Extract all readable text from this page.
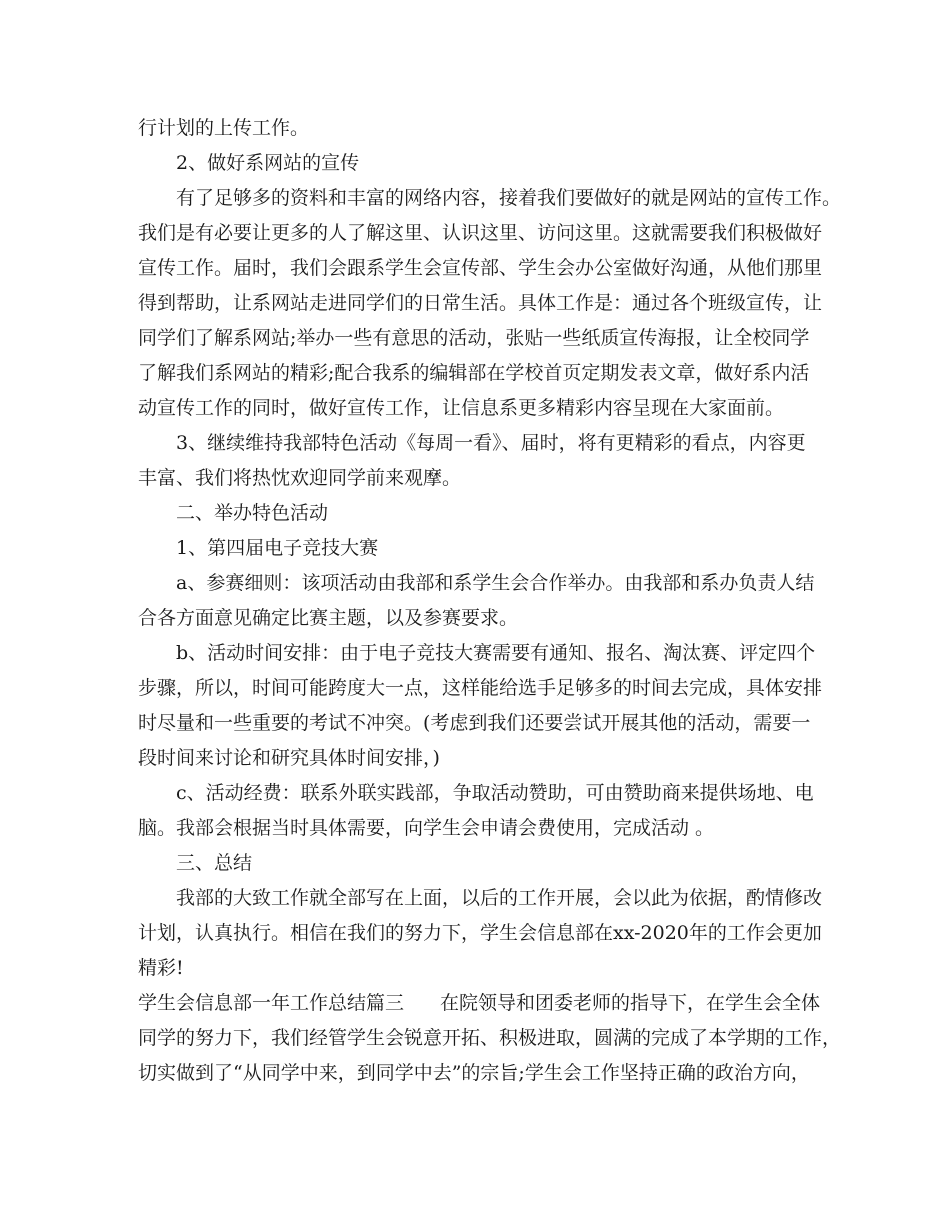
行计划的上传工作。
2、做好系网站的宣传
有了足够多的资料和丰富的网络内容，接着我们要做好的就是网站的宣传工作。
我们是有必要让更多的人了解这里、认识这里、访问这里。这就需要我们积极做好
宣传工作。届时，我们会跟系学生会宣传部、学生会办公室做好沟通，从他们那里
得到帮助，让系网站走进同学们的日常生活。具体工作是：通过各个班级宣传，让
同学们了解系网站;举办一些有意思的活动，张贴一些纸质宣传海报，让全校同学
了解我们系网站的精彩;配合我系的编辑部在学校首页定期发表文章，做好系内活
动宣传工作的同时，做好宣传工作，让信息系更多精彩内容呈现在大家面前。
3、继续维持我部特色活动《每周一看》、届时，将有更精彩的看点，内容更
丰富、我们将热忱欢迎同学前来观摩。
二、举办特色活动
1、第四届电子竞技大赛
a、参赛细则：该项活动由我部和系学生会合作举办。由我部和系办负责人结
合各方面意见确定比赛主题，以及参赛要求。
b、活动时间安排：由于电子竞技大赛需要有通知、报名、淘汰赛、评定四个
步骤，所以，时间可能跨度大一点，这样能给选手足够多的时间去完成，具体安排
时尽量和一些重要的考试不冲突。(考虑到我们还要尝试开展其他的活动，需要一
段时间来讨论和研究具体时间安排，)
c、活动经费：联系外联实践部，争取活动赞助，可由赞助商来提供场地、电
脑。我部会根据当时具体需要，向学生会申请会费使用，完成活动 。
三、总结
我部的大致工作就全部写在上面，以后的工作开展，会以此为依据，酌情修改
计划，认真执行。相信在我们的努力下，学生会信息部在xx-2020年的工作会更加
精彩!
学生会信息部一年工作总结篇三 在院领导和团委老师的指导下，在学生会全体
同学的努力下，我们经管学生会锐意开拓、积极进取，圆满的完成了本学期的工作，
切实做到了“从同学中来，到同学中去”的宗旨;学生会工作坚持正确的政治方向，
